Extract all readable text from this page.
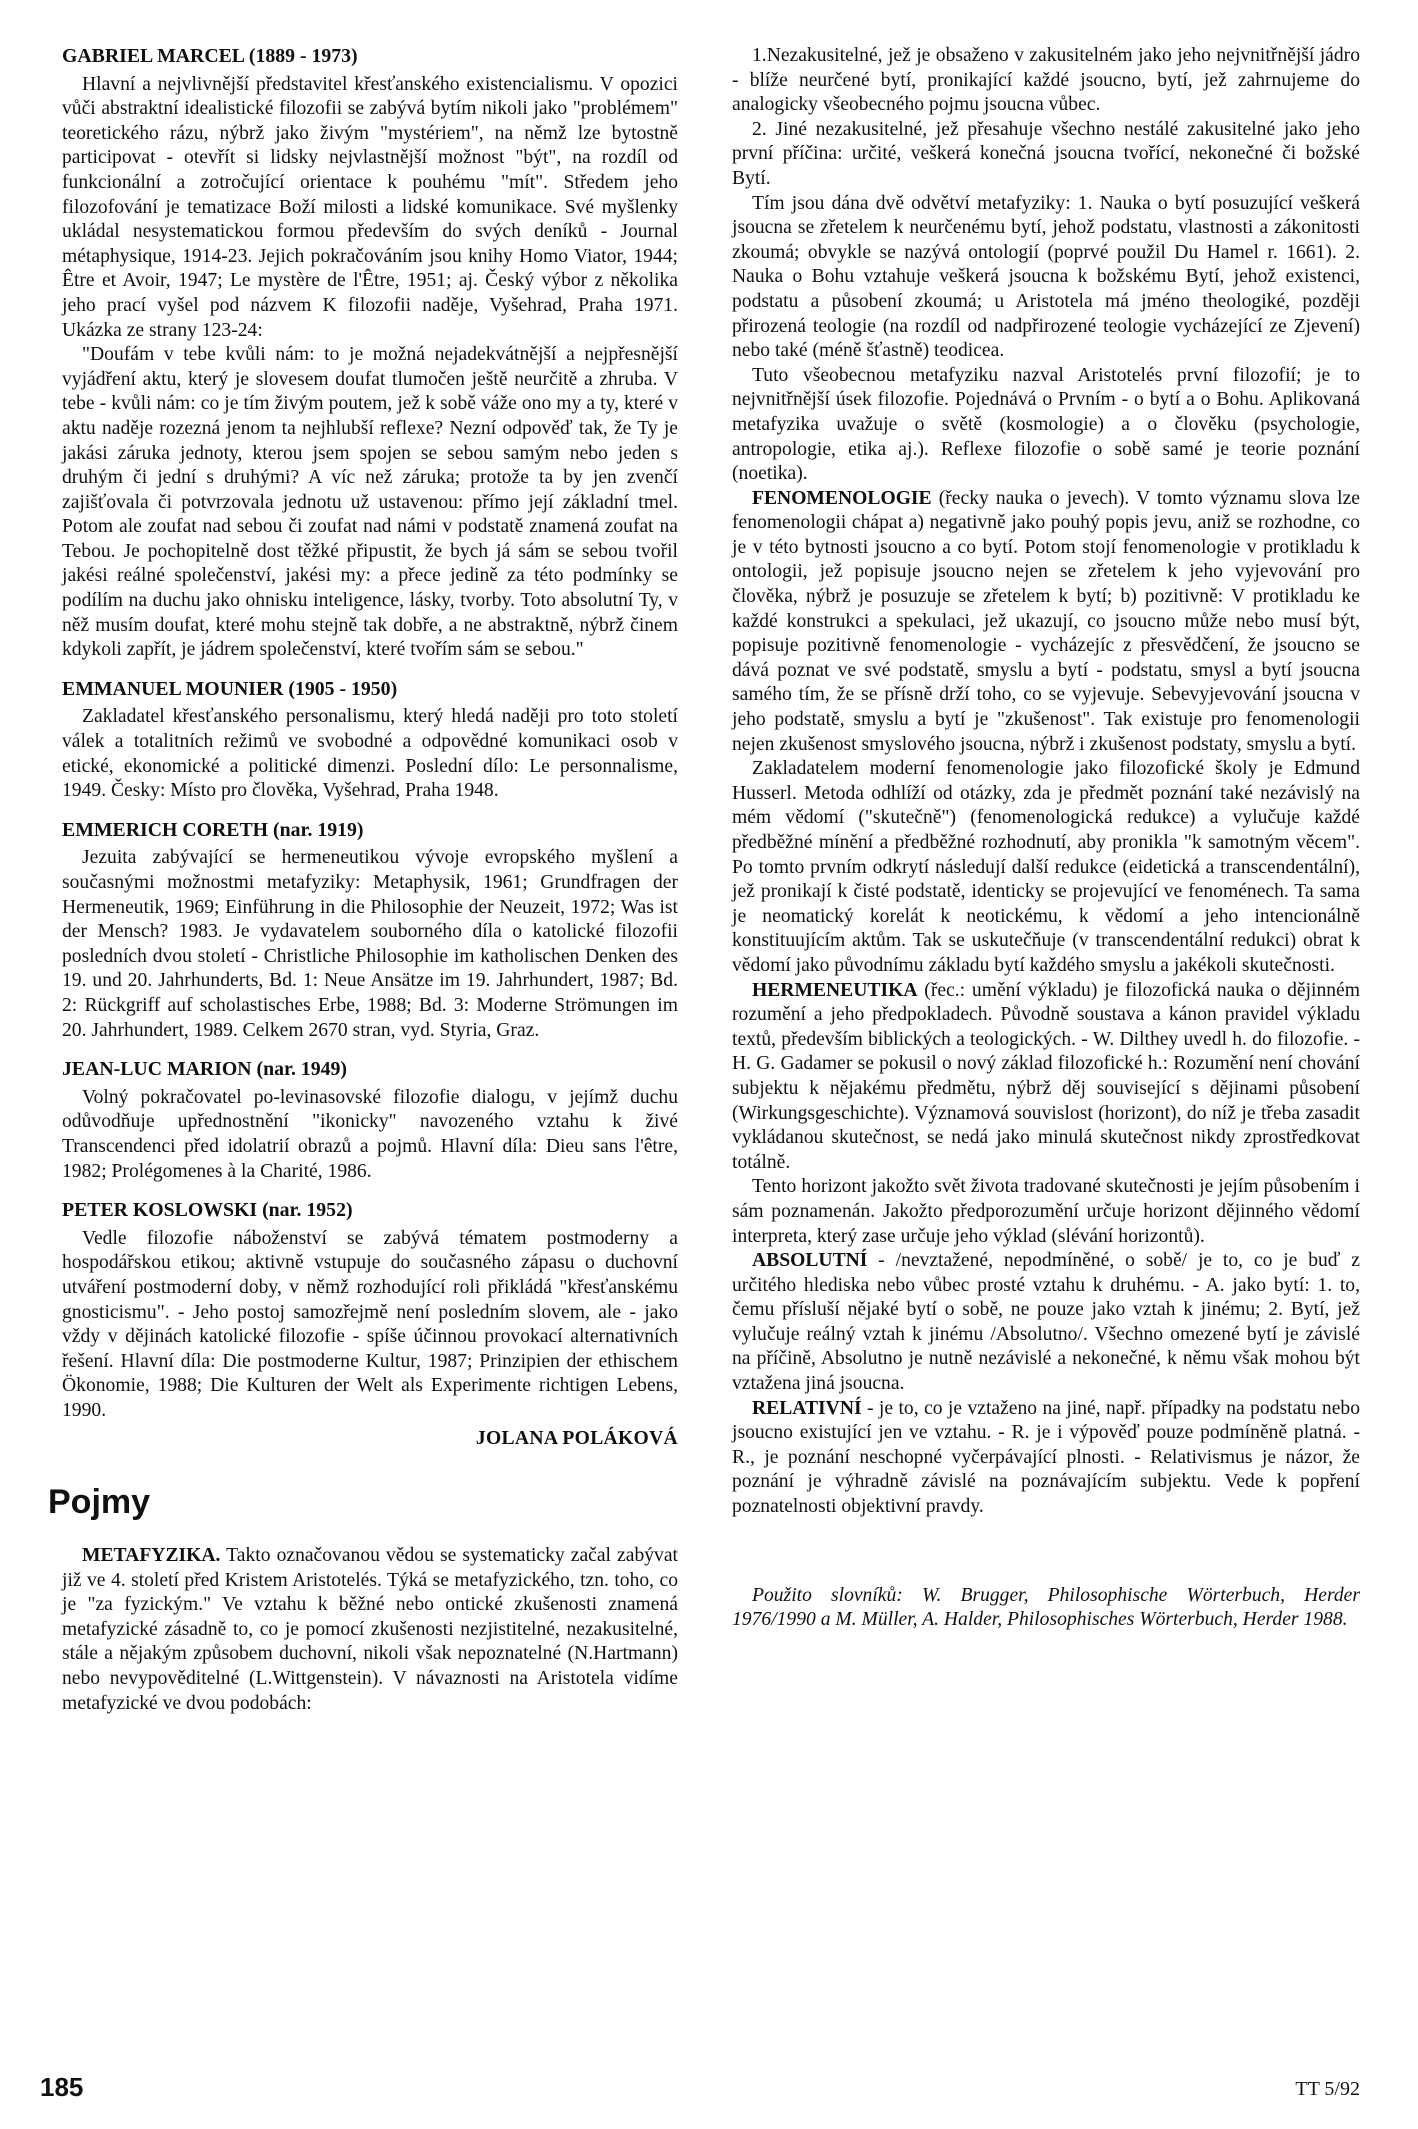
GABRIEL MARCEL (1889 - 1973)

Hlavní a nejvlivnější představitel křesťanského existencialismu. V opozici vůči abstraktní idealistické filozofii se zabývá bytím nikoli jako "problémem" teoretického rázu, nýbrž jako živým "mystériem", na němž lze bytostně participovat - otevřít si lidsky nejvlastnější možnost "být", na rozdíl od funkcionální a zotročující orientace k pouhému "mít". Středem jeho filozofování je tematizace Boží milosti a lidské komunikace. Své myšlenky ukládal nesystematickou formou především do svých deníků - Journal métaphysique, 1914-23. Jejich pokračováním jsou knihy Homo Viator, 1944; Être et Avoir, 1947; Le mystère de l'Être, 1951; aj. Český výbor z několika jeho prací vyšel pod názvem K filozofii naděje, Vyšehrad, Praha 1971. Ukázka ze strany 123-24:

"Doufám v tebe kvůli nám: to je možná nejadekvátnější a nejpřesnější vyjádření aktu, který je slovesem doufat tlumočen ještě neurčitě a zhruba. V tebe - kvůli nám: co je tím živým poutem, jež k sobě váže ono my a ty, které v aktu naděje rozezná jenom ta nejhlubší reflexe? Nezní odpověď tak, že Ty je jakási záruka jednoty, kterou jsem spojen se sebou samým nebo jeden s druhým či jední s druhými? A víc než záruka; protože ta by jen zvenčí zajišťovala či potvrzovala jednotu už ustavenou: přímo její základní tmel. Potom ale zoufat nad sebou či zoufat nad námi v podstatě znamená zoufat na Tebou. Je pochopitelně dost těžké připustit, že bych já sám se sebou tvořil jakési reálné společenství, jakési my: a přece jedině za této podmínky se podílím na duchu jako ohnisku inteligence, lásky, tvorby. Toto absolutní Ty, v něž musím doufat, které mohu stejně tak dobře, a ne abstraktně, nýbrž činem kdykoli zapřít, je jádrem společenství, které tvořím sám se sebou."

EMMANUEL MOUNIER (1905 - 1950)

Zakladatel křesťanského personalismu, který hledá naději pro toto století válek a totalitních režimů ve svobodné a odpovědné komunikaci osob v etické, ekonomické a politické dimenzi. Poslední dílo: Le personnalisme, 1949. Česky: Místo pro člověka, Vyšehrad, Praha 1948.

EMMERICH CORETH (nar. 1919)

Jezuita zabývající se hermeneutikou vývoje evropského myšlení a současnými možnostmi metafyziky: Metaphysik, 1961; Grundfragen der Hermeneutik, 1969; Einführung in die Philosophie der Neuzeit, 1972; Was ist der Mensch? 1983. Je vydavatelem souborného díla o katolické filozofii posledních dvou století - Christliche Philosophie im katholischen Denken des 19. und 20. Jahrhunderts, Bd. 1: Neue Ansätze im 19. Jahrhundert, 1987; Bd. 2: Rückgriff auf scholastisches Erbe, 1988; Bd. 3: Moderne Strömungen im 20. Jahrhundert, 1989. Celkem 2670 stran, vyd. Styria, Graz.

JEAN-LUC MARION (nar. 1949)

Volný pokračovatel po-levinasovské filozofie dialogu, v jejímž duchu odůvodňuje upřednostnění "ikonicky" navozeného vztahu k živé Transcendenci před idolatrií obrazů a pojmů. Hlavní díla: Dieu sans l'être, 1982; Prolégomenes à la Charité, 1986.

PETER KOSLOWSKI (nar. 1952)

Vedle filozofie náboženství se zabývá tématem postmoderny a hospodářskou etikou; aktivně vstupuje do současného zápasu o duchovní utváření postmoderní doby, v němž rozhodující roli přikládá "křesťanskému gnosticismu". - Jeho postoj samozřejmě není posledním slovem, ale - jako vždy v dějinách katolické filozofie - spíše účinnou provokací alternativních řešení. Hlavní díla: Die postmoderne Kultur, 1987; Prinzipien der ethischem Ökonomie, 1988; Die Kulturen der Welt als Experimente richtigen Lebens, 1990.

JOLANA POLÁKOVÁ
Pojmy

METAFYZIKA. Takto označovanou vědou se systematicky začal zabývat již ve 4. století před Kristem Aristotelés. Týká se metafyzického, tzn. toho, co je "za fyzickým." Ve vztahu k běžné nebo ontické zkušenosti znamená metafyzické zásadně to, co je pomocí zkušenosti nezjistitelné, nezakusitelné, stále a nějakým způsobem duchovní, nikoli však nepoznatelné (N.Hartmann) nebo nevypověditelné (L.Wittgenstein). V návaznosti na Aristotela vidíme metafyzické ve dvou podobách:

1.Nezakusitelné, jež je obsaženo v zakusitelném jako jeho nejvnitřnější jádro - blíže neurčené bytí, pronikající každé jsoucno, bytí, jež zahrnujeme do analogicky všeobecného pojmu jsoucna vůbec.

2. Jiné nezakusitelné, jež přesahuje všechno nestálé zakusitelné jako jeho první příčina: určité, veškerá konečná jsoucna tvořící, nekonečné či božské Bytí.

Tím jsou dána dvě odvětví metafyziky: 1. Nauka o bytí posuzující veškerá jsoucna se zřetelem k neurčenému bytí, jehož podstatu, vlastnosti a zákonitosti zkoumá; obvykle se nazývá ontologií (poprvé použil Du Hamel r. 1661). 2. Nauka o Bohu vztahuje veškerá jsoucna k božskému Bytí, jehož existenci, podstatu a působení zkoumá; u Aristotela má jméno theologiké, později přirozená teologie (na rozdíl od nadpřirozené teologie vycházející ze Zjevení) nebo také (méně šťastně) teodicea.

Tuto všeobecnou metafyziku nazval Aristotelés první filozofií; je to nejvnitřnější úsek filozofie. Pojednává o Prvním - o bytí a o Bohu. Aplikovaná metafyzika uvažuje o světě (kosmologie) a o člověku (psychologie, antropologie, etika aj.). Reflexe filozofie o sobě samé je teorie poznání (noetika).

FENOMENOLOGIE (řecky nauka o jevech). V tomto významu slova lze fenomenologii chápat a) negativně jako pouhý popis jevu, aniž se rozhodne, co je v této bytnosti jsoucno a co bytí. Potom stojí fenomenologie v protikladu k ontologii, jež popisuje jsoucno nejen se zřetelem k jeho vyjevování pro člověka, nýbrž je posuzuje se zřetelem k bytí; b) pozitivně: V protikladu ke každé konstrukci a spekulaci, jež ukazují, co jsoucno může nebo musí být, popisuje pozitivně fenomenologie - vycházejíc z přesvědčení, že jsoucno se dává poznat ve své podstatě, smyslu a bytí - podstatu, smysl a bytí jsoucna samého tím, že se přísně drží toho, co se vyjevuje. Sebevyjevování jsoucna v jeho podstatě, smyslu a bytí je "zkušenost". Tak existuje pro fenomenologii nejen zkušenost smyslového jsoucna, nýbrž i zkušenost podstaty, smyslu a bytí.

Zakladatelem moderní fenomenologie jako filozofické školy je Edmund Husserl. Metoda odhlíží od otázky, zda je předmět poznání také nezávislý na mém vědomí ("skutečně") (fenomenologická redukce) a vylučuje každé předběžné mínění a předběžné rozhodnutí, aby pronikla "k samotným věcem". Po tomto prvním odkrytí následují další redukce (eidetická a transcendentální), jež pronikají k čisté podstatě, identicky se projevující ve fenoménech. Ta sama je neomatický korelát k neotickému, k vědomí a jeho intencionálně konstituujícím aktům. Tak se uskutečňuje (v transcendentální redukci) obrat k vědomí jako původnímu základu bytí každého smyslu a jakékoli skutečnosti.

HERMENEUTIKA (řec.: umění výkladu) je filozofická nauka o dějinném rozumění a jeho předpokladech. Původně soustava a kánon pravidel výkladu textů, především biblických a teologických. - W. Dilthey uvedl h. do filozofie. - H. G. Gadamer se pokusil o nový základ filozofické h.: Rozumění není chování subjektu k nějakému předmětu, nýbrž děj související s dějinami působení (Wirkungsgeschichte). Významová souvislost (horizont), do níž je třeba zasadit vykládanou skutečnost, se nedá jako minulá skutečnost nikdy zprostředkovat totálně.

Tento horizont jakožto svět života tradované skutečnosti je jejím působením i sám poznamenán. Jakožto předporozumění určuje horizont dějinného vědomí interpreta, který zase určuje jeho výklad (slévání horizontů).

ABSOLUTNÍ - /nevztažené, nepodmíněné, o sobě/ je to, co je buď z určitého hlediska nebo vůbec prosté vztahu k druhému. - A. jako bytí: 1. to, čemu přísluší nějaké bytí o sobě, ne pouze jako vztah k jinému; 2. Bytí, jež vylučuje reálný vztah k jinému /Absolutno/. Všechno omezené bytí je závislé na příčině, Absolutno je nutně nezávislé a nekonečné, k němu však mohou být vztažena jiná jsoucna.

RELATIVNÍ - je to, co je vztaženo na jiné, např. případky na podstatu nebo jsoucno existující jen ve vztahu. - R. je i výpověď pouze podmíněně platná. - R., je poznání neschopné vyčerpávající plnosti. - Relativismus je názor, že poznání je výhradně závislé na poznávajícím subjektu. Vede k popření poznatelnosti objektivní pravdy.

Použito slovníků: W. Brugger, Philosophische Wörterbuch, Herder 1976/1990 a M. Müller, A. Halder, Philosophisches Wörterbuch, Herder 1988.

185	TT 5/92
